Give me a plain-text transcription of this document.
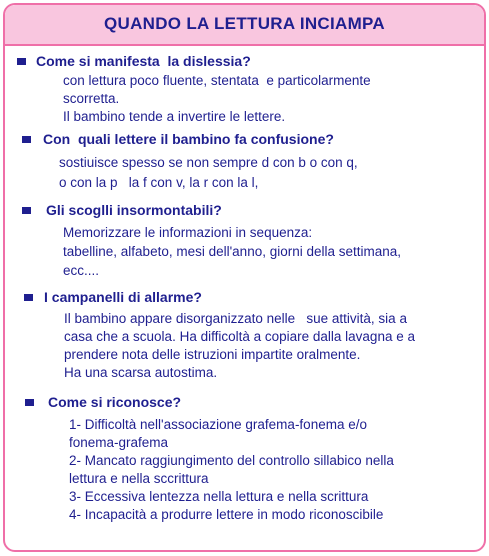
QUANDO LA LETTURA INCIAMPA
Come si manifesta  la dislessia?
con lettura poco fluente, stentata  e particolarmente
scorretta.
Il bambino tende a invertire le lettere.
Con  quali lettere il bambino fa confusione?
sostiuisce spesso se non sempre d con b o con q,
o con la p   la f con v, la r con la l,
Gli scoglli insormontabili?
Memorizzare le informazioni in sequenza:
tabelline, alfabeto, mesi dell'anno, giorni della settimana,
ecc....
I campanelli di allarme?
Il bambino appare disorganizzato nelle   sue attività, sia a
casa che a scuola. Ha difficoltà a copiare dalla lavagna e a
prendere nota delle istruzioni impartite oralmente.
Ha una scarsa autostima.
Come si riconosce?
1- Difficoltà nell'associazione grafema-fonema e/o
fonema-grafema
2- Mancato raggiungimento del controllo sillabico nella
lettura e nella sccrittura
3- Eccessiva lentezza nella lettura e nella scrittura
4- Incapacità a produrre lettere in modo riconoscibile
